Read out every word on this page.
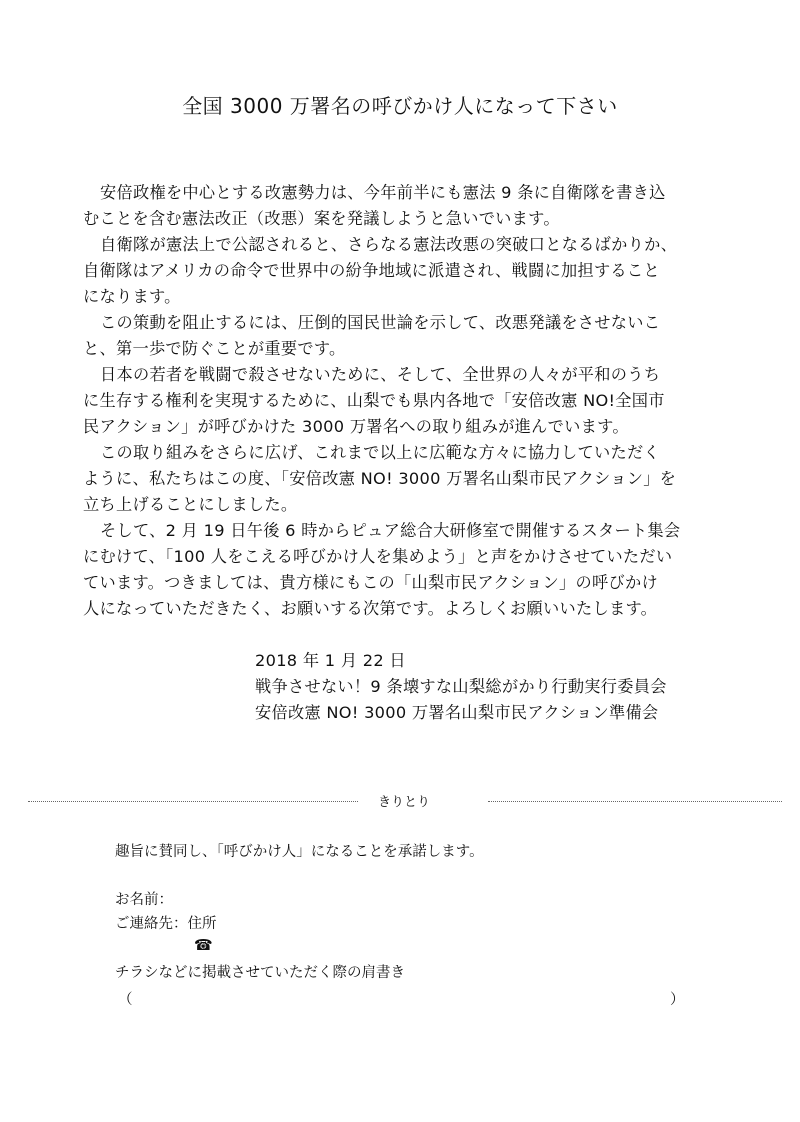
全国 3000 万署名の呼びかけ人になって下さい
安倍政権を中心とする改憲勢力は、今年前半にも憲法 9 条に自衛隊を書き込
むことを含む憲法改正（改悪）案を発議しようと急いでいます。
自衛隊が憲法上で公認されると、さらなる憲法改悪の突破口となるばかりか、
自衛隊はアメリカの命令で世界中の紛争地域に派遣され、戦闘に加担すること
になります。
この策動を阻止するには、圧倒的国民世論を示して、改悪発議をさせないこ
と、第一歩で防ぐことが重要です。
日本の若者を戦闘で殺させないために、そして、全世界の人々が平和のうち
に生存する権利を実現するために、山梨でも県内各地で「安倍改憲 NO!全国市
民アクション」が呼びかけた 3000 万署名への取り組みが進んでいます。
この取り組みをさらに広げ、これまで以上に広範な方々に協力していただく
ように、私たちはこの度、「安倍改憲 NO! 3000 万署名山梨市民アクション」を
立ち上げることにしました。
そして、2 月 19 日午後 6 時からピュア総合大研修室で開催するスタート集会
にむけて、「100 人をこえる呼びかけ人を集めよう」と声をかけさせていただい
ています。つきましては、貴方様にもこの「山梨市民アクション」の呼びかけ
人になっていただきたく、お願いする次第です。よろしくお願いいたします。
2018 年 1 月 22 日
戦争させない！9 条壊すな山梨総がかり行動実行委員会
安倍改憲 NO! 3000 万署名山梨市民アクション準備会
きりとり
趣旨に賛同し、「呼びかけ人」になることを承諾します。
お名前：
ご連絡先：住所
☎
チラシなどに掲載させていただく際の肩書き
（	）
